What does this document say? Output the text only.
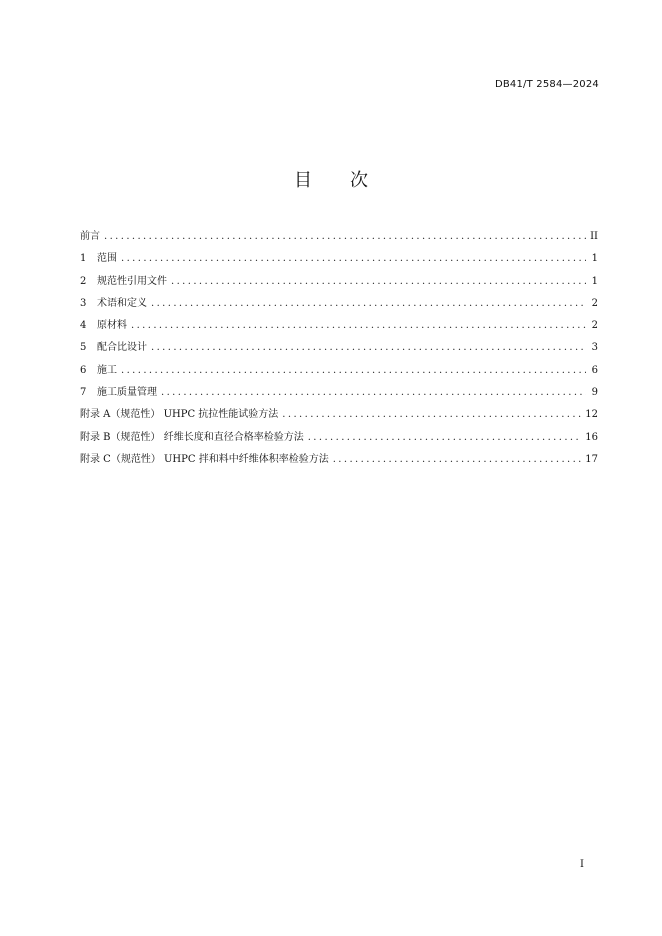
DB41/T 2584—2024
目 次
前言 .....	II
1	范围 .....	1
2	规范性引用文件 .....	1
3	术语和定义 .....	2
4	原材料 .....	2
5	配合比设计 .....	3
6	施工 .....	6
7	施工质量管理 .....	9
附录 A（规范性） UHPC 抗拉性能试验方法 .....	12
附录 B（规范性） 纤维长度和直径合格率检验方法 .....	16
附录 C（规范性） UHPC 拌和料中纤维体积率检验方法 .....	17
I
